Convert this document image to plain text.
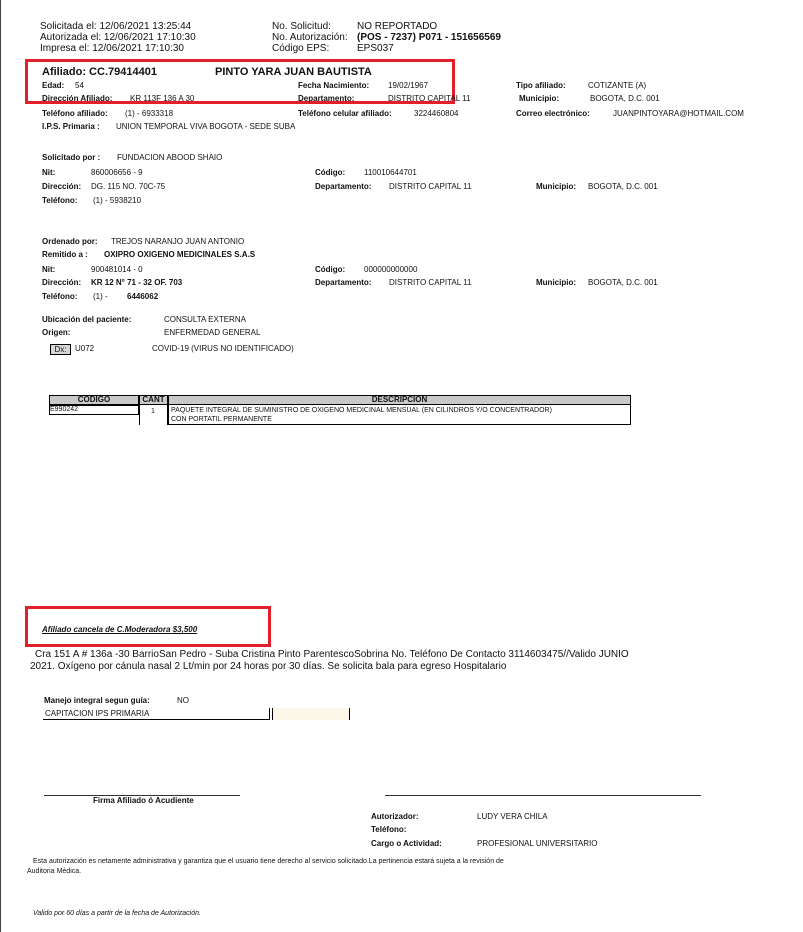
Solicitada el: 12/06/2021 13:25:44
Autorizada el: 12/06/2021 17:10:30
Impresa el: 12/06/2021 17:10:30
No. Solicitud:	NO REPORTADO
No. Autorización: (POS - 7237) P071 - 151656569
Código EPS:	EPS037
Afiliado: CC.79414401	PINTO YARA JUAN BAUTISTA
Edad: 54	Fecha Nacimiento: 19/02/1967	Tipo afiliado:	COTIZANTE (A)
Dirección Afiliado: KR 113F 136 A 30	Departamento:	DISTRITO CAPITAL 11	Municipio:	BOGOTA, D.C. 001
Teléfono afiliado: (1) - 6933318	Teléfono celular afiliado:	3224460804	Correo electrónico:	JUANPINTOYARA@HOTMAIL.COM
I.P.S. Primaria : UNION TEMPORAL VIVA BOGOTA - SEDE SUBA
Solicitado por : FUNDACION ABOOD SHAIO
Nit:	860006656 - 9	Código: 110010644701
Dirección: DG. 115 NO. 70C-75	Departamento: DISTRITO CAPITAL 11	Municipio: BOGOTA, D.C. 001
Teléfono: (1) - 5938210
Ordenado por: TREJOS NARANJO JUAN ANTONIO
Remitido a : OXIPRO OXIGENO MEDICINALES S.A.S
Nit:	900481014 - 0	Código: 000000000000
Dirección: KR 12 N° 71 - 32 OF. 703	Departamento: DISTRITO CAPITAL 11	Municipio: BOGOTA, D.C. 001
Teléfono: (1) - 6446062
Ubicación del paciente:	CONSULTA EXTERNA
Origen:	ENFERMEDAD GENERAL
Dx:	U072	COVID-19 (VIRUS NO IDENTIFICADO)
CODIGO	CANT	DESCRIPCION
E990242	1 PAQUETE INTEGRAL DE SUMINISTRO DE OXIGENO MEDICINAL MENSUAL (EN CILINDROS Y/O CONCENTRADOR)
CON PORTATIL PERMANENTE
Afiliado cancela de C.Moderadora $3,500
Cra 151 A # 136a -30 BarrioSan Pedro - Suba Cristina Pinto ParentescoSobrina No. Teléfono De Contacto 3114603475//Valido JUNIO
2021. Oxígeno por cánula nasal 2 Lt/min por 24 horas por 30 días. Se solicita bala para egreso Hospitalario
Manejo integral segun guía:	NO
CAPITACION IPS PRIMARIA
Firma Afiliado ó Acudiente
Autorizador:	LUDY VERA CHILA
Teléfono:
Cargo o Actividad:	PROFESIONAL UNIVERSITARIO
Esta autorización es netamente administrativa y garantiza que el usuario tiene derecho al servicio solicitado.La pertinencia estará sujeta a la revisión de
Auditoria Médica.
Valido por 60 días a partir de la fecha de Autorización.
